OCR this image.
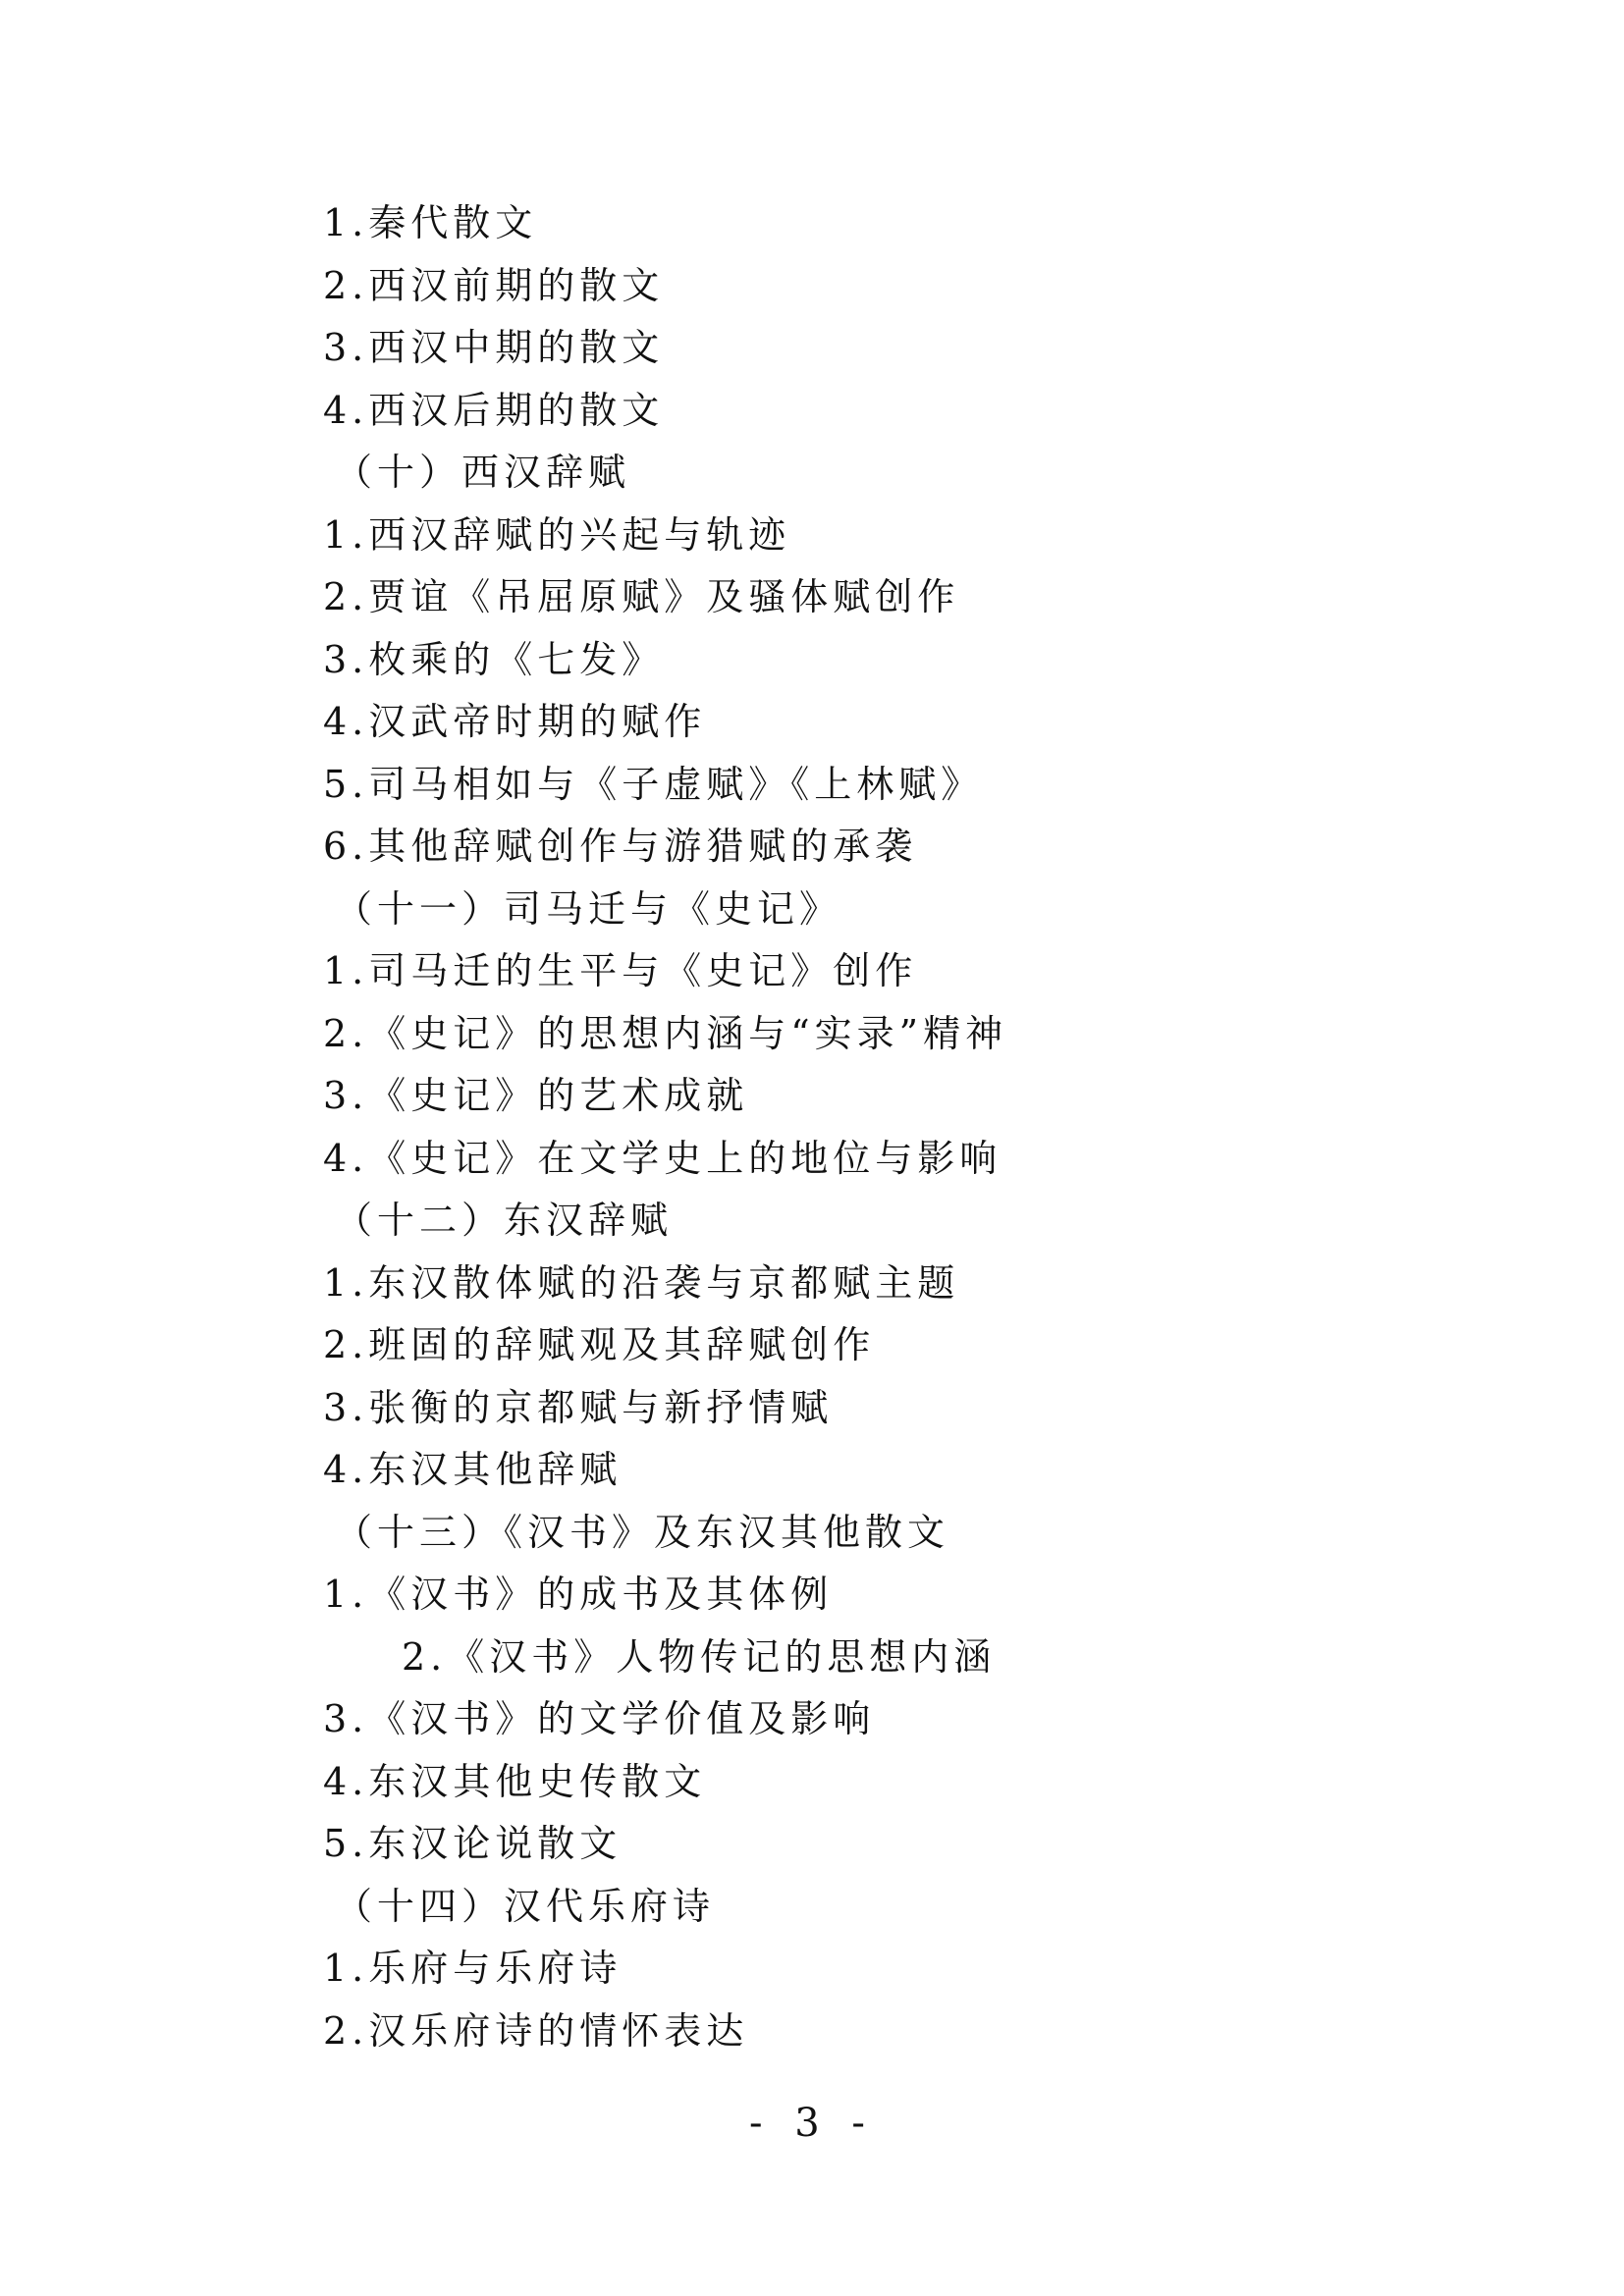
1.秦代散文
2.西汉前期的散文
3.西汉中期的散文
4.西汉后期的散文
（十）西汉辞赋
1.西汉辞赋的兴起与轨迹
2.贾谊《吊屈原赋》及骚体赋创作
3.枚乘的《七发》
4.汉武帝时期的赋作
5.司马相如与《子虚赋》《上林赋》
6.其他辞赋创作与游猎赋的承袭
（十一）司马迁与《史记》
1.司马迁的生平与《史记》创作
2.《史记》的思想内涵与“实录”精神
3.《史记》的艺术成就
4.《史记》在文学史上的地位与影响
（十二）东汉辞赋
1.东汉散体赋的沿袭与京都赋主题
2.班固的辞赋观及其辞赋创作
3.张衡的京都赋与新抒情赋
4.东汉其他辞赋
（十三）《汉书》及东汉其他散文
1.《汉书》的成书及其体例
2.《汉书》人物传记的思想内涵
3.《汉书》的文学价值及影响
4.东汉其他史传散文
5.东汉论说散文
（十四）汉代乐府诗
1.乐府与乐府诗
2.汉乐府诗的情怀表达
- 3 -
